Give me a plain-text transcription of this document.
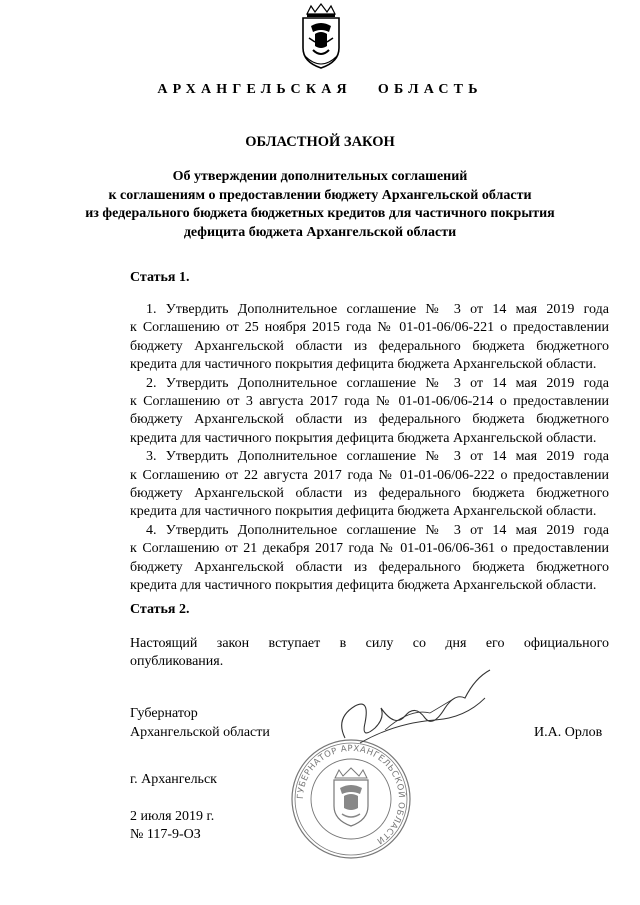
АРХАНГЕЛЬСКАЯ   ОБЛАСТЬ
ОБЛАСТНОЙ ЗАКОН
Об утверждении дополнительных соглашений
к соглашениям о предоставлении бюджету Архангельской области
из федерального бюджета бюджетных кредитов для частичного покрытия
дефицита бюджета Архангельской области
Статья 1.
1. Утвердить Дополнительное соглашение № 3 от 14 мая 2019 года
к Соглашению от 25 ноября 2015 года № 01-01-06/06-221 о предоставлении
бюджету Архангельской области из федерального бюджета бюджетного
кредита для частичного покрытия дефицита бюджета Архангельской области.
2. Утвердить Дополнительное соглашение № 3 от 14 мая 2019 года
к Соглашению от 3 августа 2017 года № 01-01-06/06-214 о предоставлении
бюджету Архангельской области из федерального бюджета бюджетного
кредита для частичного покрытия дефицита бюджета Архангельской области.
3. Утвердить Дополнительное соглашение № 3 от 14 мая 2019 года
к Соглашению от 22 августа 2017 года № 01-01-06/06-222 о предоставлении
бюджету Архангельской области из федерального бюджета бюджетного
кредита для частичного покрытия дефицита бюджета Архангельской области.
4. Утвердить Дополнительное соглашение № 3 от 14 мая 2019 года
к Соглашению от 21 декабря 2017 года № 01-01-06/06-361 о предоставлении
бюджету Архангельской области из федерального бюджета бюджетного
кредита для частичного покрытия дефицита бюджета Архангельской области.
Статья 2.
Настоящий закон вступает в силу со дня его официального
опубликования.
Губернатор
Архангельской области	И.А. Орлов
ГУБЕРНАТОР АРХАНГЕЛЬСКОЙ ОБЛАСТИ
г. Архангельск
2 июля 2019 г.
№ 117-9-ОЗ
